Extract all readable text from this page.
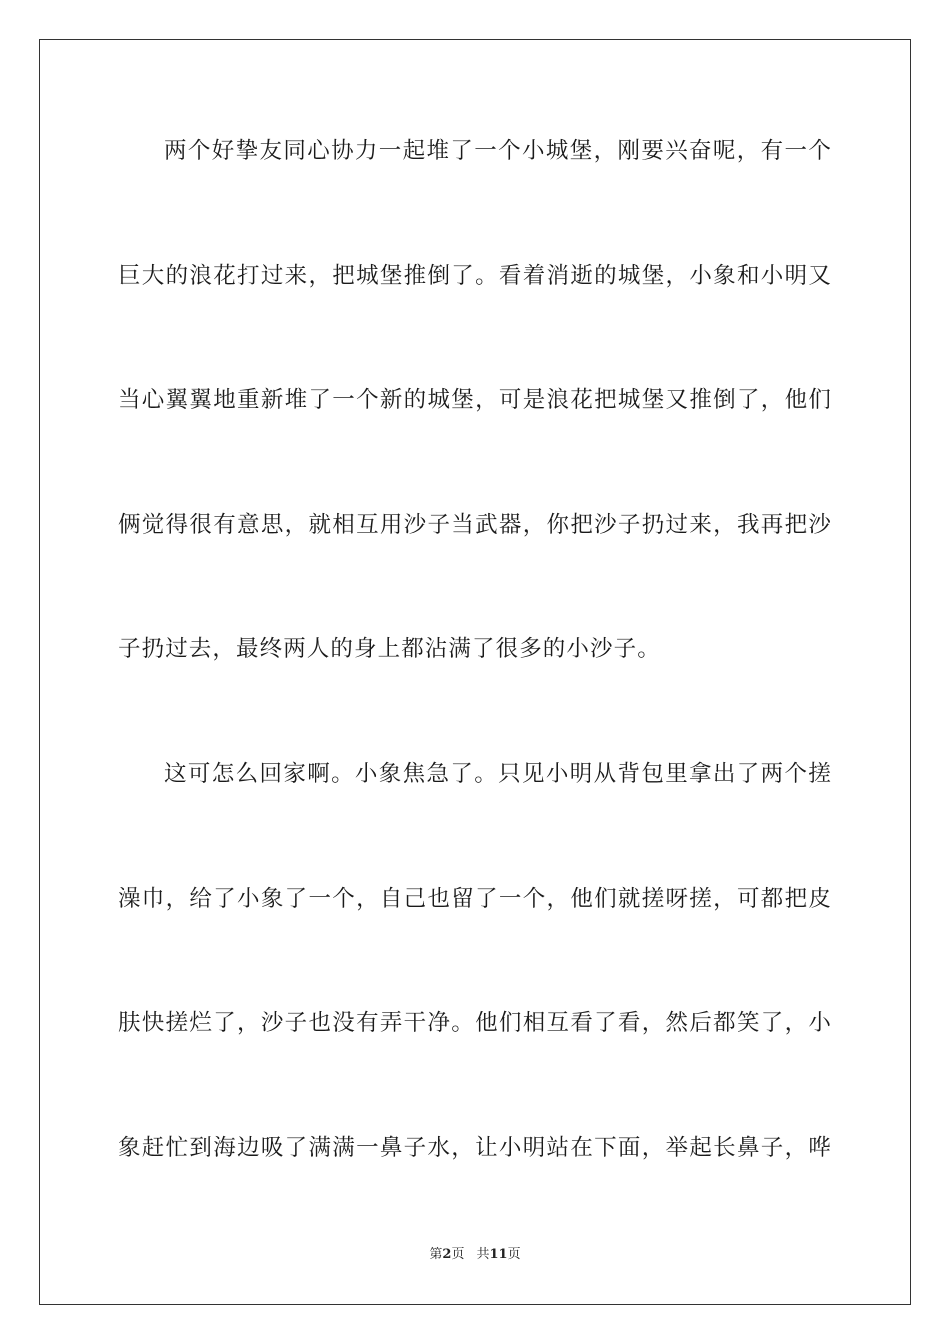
两个好挚友同心协力一起堆了一个小城堡，刚要兴奋呢，有一个
巨大的浪花打过来，把城堡推倒了。看着消逝的城堡，小象和小明又
当心翼翼地重新堆了一个新的城堡，可是浪花把城堡又推倒了，他们
俩觉得很有意思，就相互用沙子当武器，你把沙子扔过来，我再把沙
子扔过去，最终两人的身上都沾满了很多的小沙子。
这可怎么回家啊。小象焦急了。只见小明从背包里拿出了两个搓
澡巾，给了小象了一个，自己也留了一个，他们就搓呀搓，可都把皮
肤快搓烂了，沙子也没有弄干净。他们相互看了看，然后都笑了，小
象赶忙到海边吸了满满一鼻子水，让小明站在下面，举起长鼻子，哗
第2页 共11页
